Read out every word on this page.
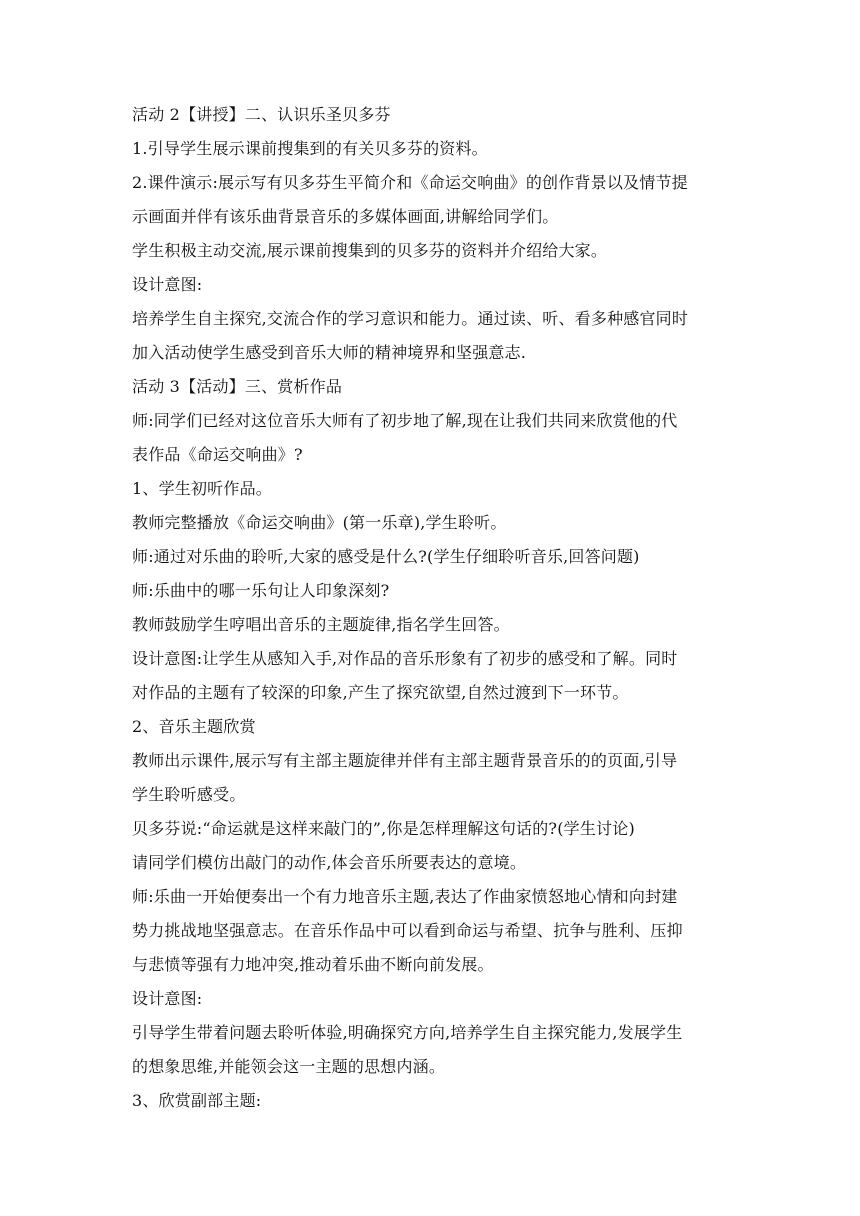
活动 2【讲授】二、认识乐圣贝多芬
1.引导学生展示课前搜集到的有关贝多芬的资料。
2.课件演示:展示写有贝多芬生平简介和《命运交响曲》的创作背景以及情节提
示画面并伴有该乐曲背景音乐的多媒体画面,讲解给同学们。
学生积极主动交流,展示课前搜集到的贝多芬的资料并介绍给大家。
设计意图:
培养学生自主探究,交流合作的学习意识和能力。通过读、听、看多种感官同时
加入活动使学生感受到音乐大师的精神境界和坚强意志.
活动 3【活动】三、赏析作品
师:同学们已经对这位音乐大师有了初步地了解,现在让我们共同来欣赏他的代
表作品《命运交响曲》?
1、学生初听作品。
教师完整播放《命运交响曲》(第一乐章),学生聆听。
师:通过对乐曲的聆听,大家的感受是什么?(学生仔细聆听音乐,回答问题)
师:乐曲中的哪一乐句让人印象深刻?
教师鼓励学生哼唱出音乐的主题旋律,指名学生回答。
设计意图:让学生从感知入手,对作品的音乐形象有了初步的感受和了解。同时
对作品的主题有了较深的印象,产生了探究欲望,自然过渡到下一环节。
2、音乐主题欣赏
教师出示课件,展示写有主部主题旋律并伴有主部主题背景音乐的的页面,引导
学生聆听感受。
贝多芬说:“命运就是这样来敲门的”,你是怎样理解这句话的?(学生讨论)
请同学们模仿出敲门的动作,体会音乐所要表达的意境。
师:乐曲一开始便奏出一个有力地音乐主题,表达了作曲家愤怒地心情和向封建
势力挑战地坚强意志。在音乐作品中可以看到命运与希望、抗争与胜利、压抑
与悲愤等强有力地冲突,推动着乐曲不断向前发展。
设计意图:
引导学生带着问题去聆听体验,明确探究方向,培养学生自主探究能力,发展学生
的想象思维,并能领会这一主题的思想内涵。
3、欣赏副部主题:
